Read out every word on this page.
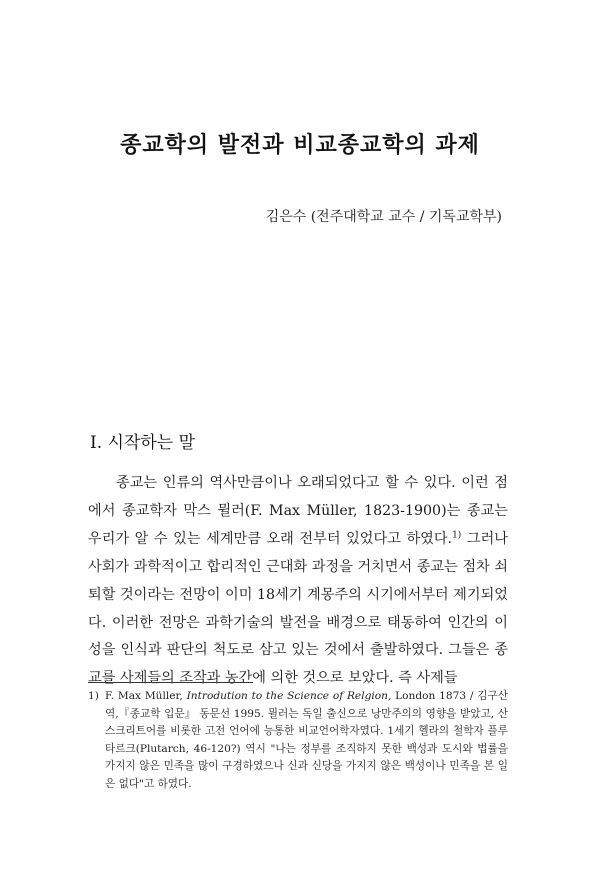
종교학의 발전과 비교종교학의 과제
김은수 (전주대학교 교수 / 기독교학부)
I. 시작하는 말

종교는 인류의 역사만큼이나 오래되었다고 할 수 있다. 이런 점에서 종교학자 막스 뮐러(F. Max Müller, 1823-1900)는 종교는 우리가 알 수 있는 세계만큼 오래 전부터 있었다고 하였다.$^{1)}$ 그러나 사회가 과학적이고 합리적인 근대화 과정을 거치면서 종교는 점차 쇠퇴할 것이라는 전망이 이미 18세기 계몽주의 시기에서부터 제기되었다. 이러한 전망은 과학기술의 발전을 배경으로 태동하여 인간의 이성을 인식과 판단의 척도로 삼고 있는 것에서 출발하였다. 그들은 종교를 사제들의 조작과 농간에 의한 것으로 보았다. 즉 사제들

1) F. Max Müller, Introdution to the Science of Relgion, London 1873 / 김구산 역,『종교학 입문』 동문선 1995. 뮐러는 독일 출신으로 낭만주의의 영향을 받았고, 산스크리트어를 비롯한 고전 언어에 능통한 비교언어학자였다. 1세기 헬라의 철학자 플루타르크(Plutarch, 46-120?) 역시 "나는 정부를 조직하지 못한 백성과 도시와 법률을 가지지 않은 민족을 많이 구경하였으나 신과 신당을 가지지 않은 백성이나 민족을 본 일은 없다"고 하였다.
